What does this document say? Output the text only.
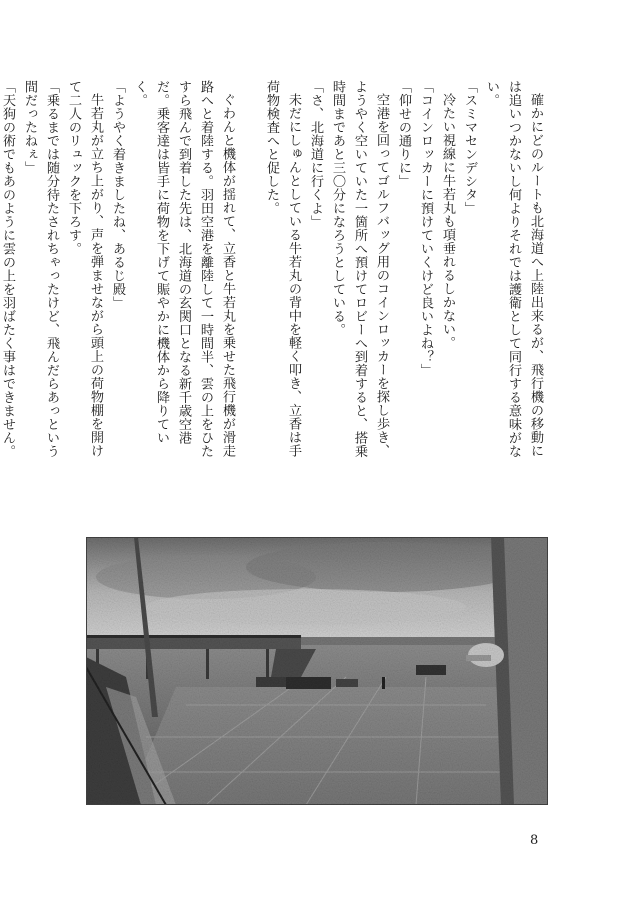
確かにどのルートも北海道へ上陸出来るが、飛行機の移動には追いつかないし何よりそれでは護衛として同行する意味がない。

「スミマセンデシタ」

冷たい視線に牛若丸も項垂れるしかない。

「コインロッカーに預けていくけど良いよね？」

「仰せの通りに」

空港を回ってゴルフバッグ用のコインロッカーを探し歩き、ようやく空いていた一箇所へ預けてロビーへ到着すると、搭乗時間まであと三〇分になろうとしている。

「さ、北海道に行くよ」

未だにしゅんとしている牛若丸の背中を軽く叩き、立香は手荷物検査へと促した。

ぐわんと機体が揺れて、立香と牛若丸を乗せた飛行機が滑走路へと着陸する。羽田空港を離陸して一時間半、雲の上をひたすら飛んで到着した先は、北海道の玄関口となる新千歳空港だ。乗客達は皆手に荷物を下げて賑やかに機体から降りていく。

「ようやく着きましたね、あるじ殿」

牛若丸が立ち上がり、声を弾ませながら頭上の荷物棚を開けて二人のリュックを下ろす。

「乗るまでは随分待たされちゃったけど、飛んだらあっという間だったねぇ」

「天狗の術でもあのように雲の上を羽ばたく事はできません。

8
